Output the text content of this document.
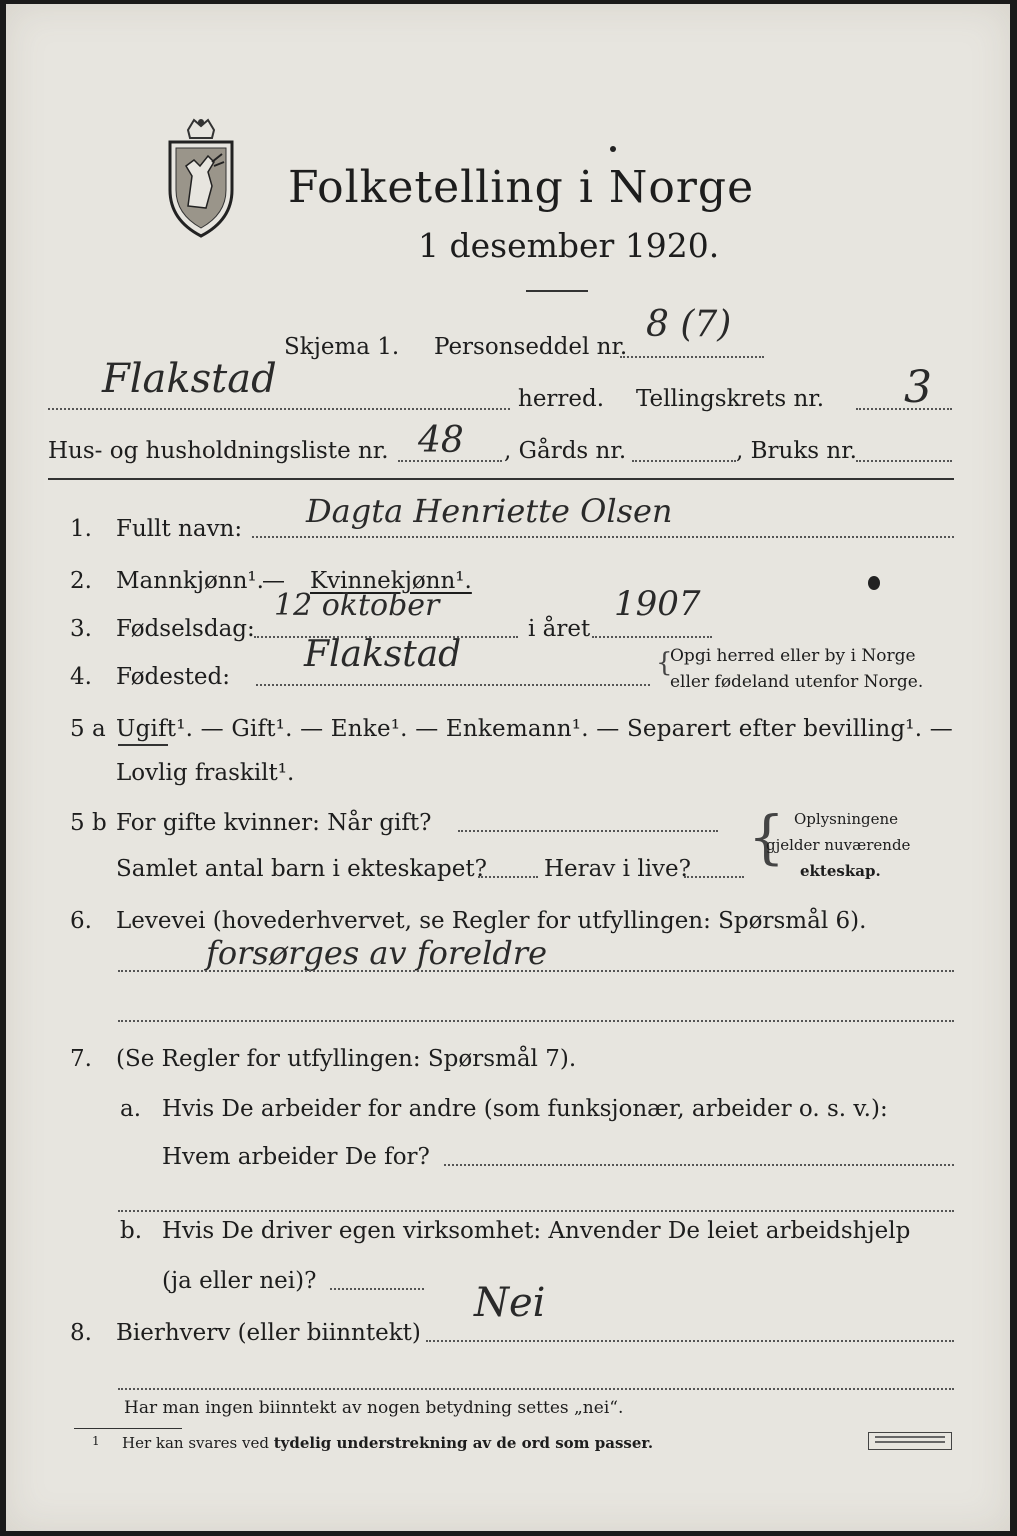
Folketelling i Norge
1 desember 1920.
Skjema 1. Personseddel nr.
8 (7)
Flakstad	herred. Tellingskrets nr. 3
Hus- og husholdningsliste nr. 48 , Gårds nr.	, Bruks nr.
1. Fullt navn: Dagta Henriette Olsen
2. Mannkjønn¹.
— Kvinnekjønn¹.
3. Fødselsdag:
12 oktober
i året
1907
4. Fødested:
Flakstad	{
Opgi herred eller by i Norge
eller fødeland utenfor Norge.
5 a Ugift¹. — Gift¹. — Enke¹. — Enkemann¹. — Separert efter bevilling¹. —
Lovlig fraskilt¹.
5 b For gifte kvinner: Når gift?
Samlet antal barn i ekteskapet? Herav i live? { Oplysningene
gjelder nuværende
ekteskap.
6. Levevei (hovederhvervet, se Regler for utfyllingen: Spørsmål 6).
forsørges av foreldre
7. (Se Regler for utfyllingen: Spørsmål 7).
a. Hvis De arbeider for andre (som funksjonær, arbeider o. s. v.):
Hvem arbeider De for?
b. Hvis De driver egen virksomhet: Anvender De leiet arbeidshjelp
(ja eller nei)?
8. Bierhverv (eller biinntekt)
Nei
Har man ingen biinntekt av nogen betydning settes „nei“.
1 Her kan svares ved tydelig understrekning av de ord som passer.
